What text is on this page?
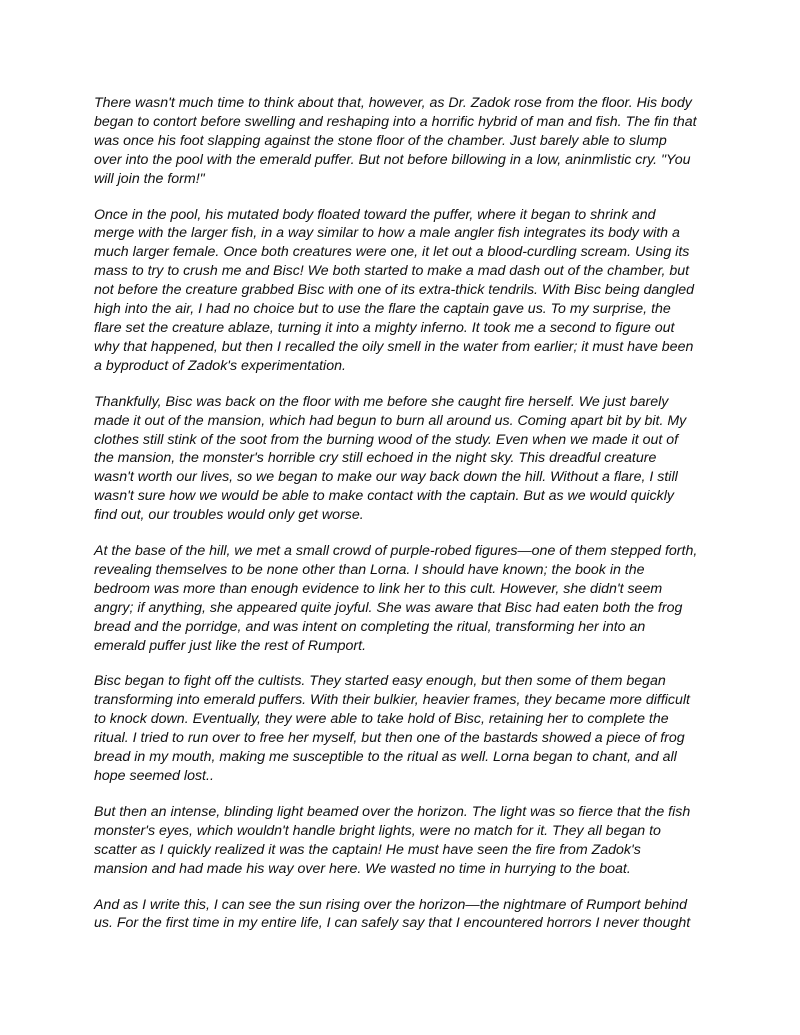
There wasn't much time to think about that, however, as Dr. Zadok rose from the floor. His body
began to contort before swelling and reshaping into a horrific hybrid of man and fish. The fin that
was once his foot slapping against the stone floor of the chamber. Just barely able to slump
over into the pool with the emerald puffer. But not before billowing in a low, aninmlistic cry. "You
will join the form!"

Once in the pool, his mutated body floated toward the puffer, where it began to shrink and
merge with the larger fish, in a way similar to how a male angler fish integrates its body with a
much larger female. Once both creatures were one, it let out a blood-curdling scream. Using its
mass to try to crush me and Bisc! We both started to make a mad dash out of the chamber, but
not before the creature grabbed Bisc with one of its extra-thick tendrils. With Bisc being dangled
high into the air, I had no choice but to use the flare the captain gave us. To my surprise, the
flare set the creature ablaze, turning it into a mighty inferno. It took me a second to figure out
why that happened, but then I recalled the oily smell in the water from earlier; it must have been
a byproduct of Zadok's experimentation.

Thankfully, Bisc was back on the floor with me before she caught fire herself. We just barely
made it out of the mansion, which had begun to burn all around us. Coming apart bit by bit. My
clothes still stink of the soot from the burning wood of the study. Even when we made it out of
the mansion, the monster's horrible cry still echoed in the night sky. This dreadful creature
wasn't worth our lives, so we began to make our way back down the hill. Without a flare, I still
wasn't sure how we would be able to make contact with the captain. But as we would quickly
find out, our troubles would only get worse.

At the base of the hill, we met a small crowd of purple-robed figures—one of them stepped forth,
revealing themselves to be none other than Lorna. I should have known; the book in the
bedroom was more than enough evidence to link her to this cult. However, she didn't seem
angry; if anything, she appeared quite joyful. She was aware that Bisc had eaten both the frog
bread and the porridge, and was intent on completing the ritual, transforming her into an
emerald puffer just like the rest of Rumport.

Bisc began to fight off the cultists. They started easy enough, but then some of them began
transforming into emerald puffers. With their bulkier, heavier frames, they became more difficult
to knock down. Eventually, they were able to take hold of Bisc, retaining her to complete the
ritual. I tried to run over to free her myself, but then one of the bastards showed a piece of frog
bread in my mouth, making me susceptible to the ritual as well. Lorna began to chant, and all
hope seemed lost..

But then an intense, blinding light beamed over the horizon. The light was so fierce that the fish
monster's eyes, which wouldn't handle bright lights, were no match for it. They all began to
scatter as I quickly realized it was the captain! He must have seen the fire from Zadok's
mansion and had made his way over here. We wasted no time in hurrying to the boat.

And as I write this, I can see the sun rising over the horizon—the nightmare of Rumport behind
us. For the first time in my entire life, I can safely say that I encountered horrors I never thought
